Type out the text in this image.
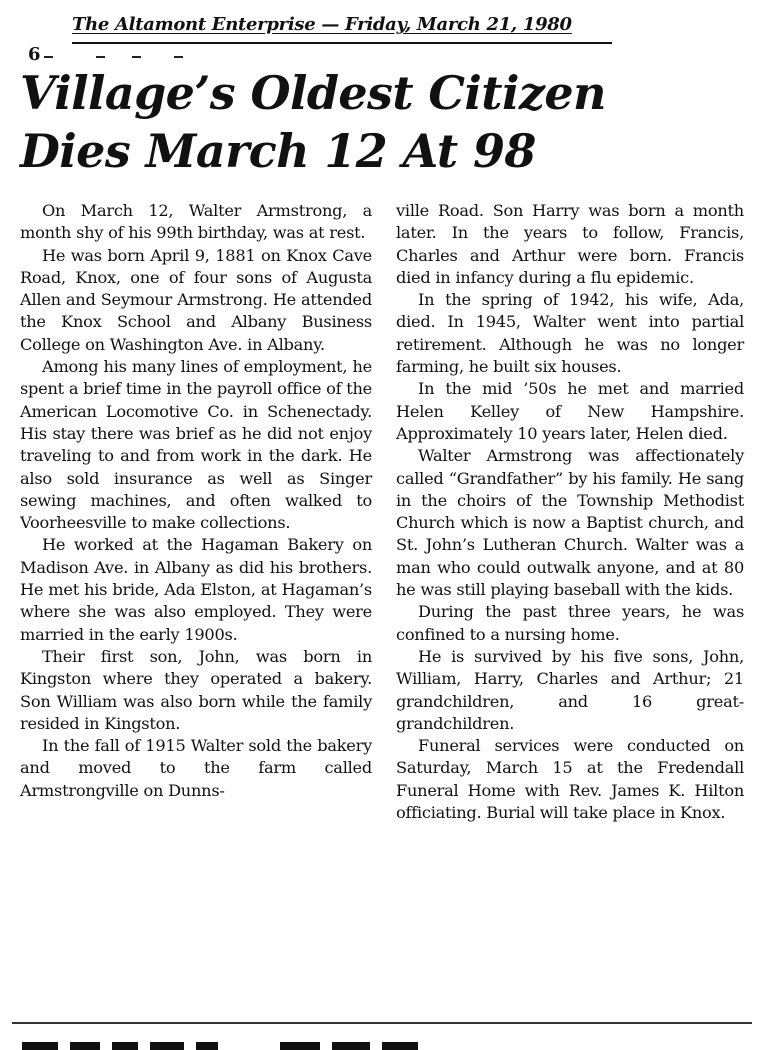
The Altamont Enterprise — Friday, March 21, 1980
6
Village’s Oldest Citizen
Dies March 12 At 98

On March 12, Walter Armstrong, a month shy of his 99th birthday, was at rest.

He was born April 9, 1881 on Knox Cave Road, Knox, one of four sons of Augusta Allen and Seymour Armstrong. He attended the Knox School and Albany Business College on Washington Ave. in Albany.

Among his many lines of employment, he spent a brief time in the payroll office of the American Locomotive Co. in Schenectady. His stay there was brief as he did not enjoy traveling to and from work in the dark. He also sold insurance as well as Singer sewing machines, and often walked to Voorheesville to make collections.

He worked at the Hagaman Bakery on Madison Ave. in Albany as did his brothers. He met his bride, Ada Elston, at Hagaman’s where she was also employed. They were married in the early 1900s.

Their first son, John, was born in Kingston where they operated a bakery. Son William was also born while the family resided in Kingston.

In the fall of 1915 Walter sold the bakery and moved to the farm called Armstrongville on Dunns-

ville Road. Son Harry was born a month later. In the years to follow, Francis, Charles and Arthur were born. Francis died in infancy during a flu epidemic.

In the spring of 1942, his wife, Ada, died. In 1945, Walter went into partial retirement. Although he was no longer farming, he built six houses.

In the mid ’50s he met and married Helen Kelley of New Hampshire. Approximately 10 years later, Helen died.

Walter Armstrong was affectionately called “Grandfather” by his family. He sang in the choirs of the Township Methodist Church which is now a Baptist church, and St. John’s Lutheran Church. Walter was a man who could outwalk anyone, and at 80 he was still playing baseball with the kids.

During the past three years, he was confined to a nursing home.

He is survived by his five sons, John, William, Harry, Charles and Arthur; 21 grandchildren, and 16 great-grandchildren.

Funeral services were conducted on Saturday, March 15 at the Fredendall Funeral Home with Rev. James K. Hilton officiating. Burial will take place in Knox.
